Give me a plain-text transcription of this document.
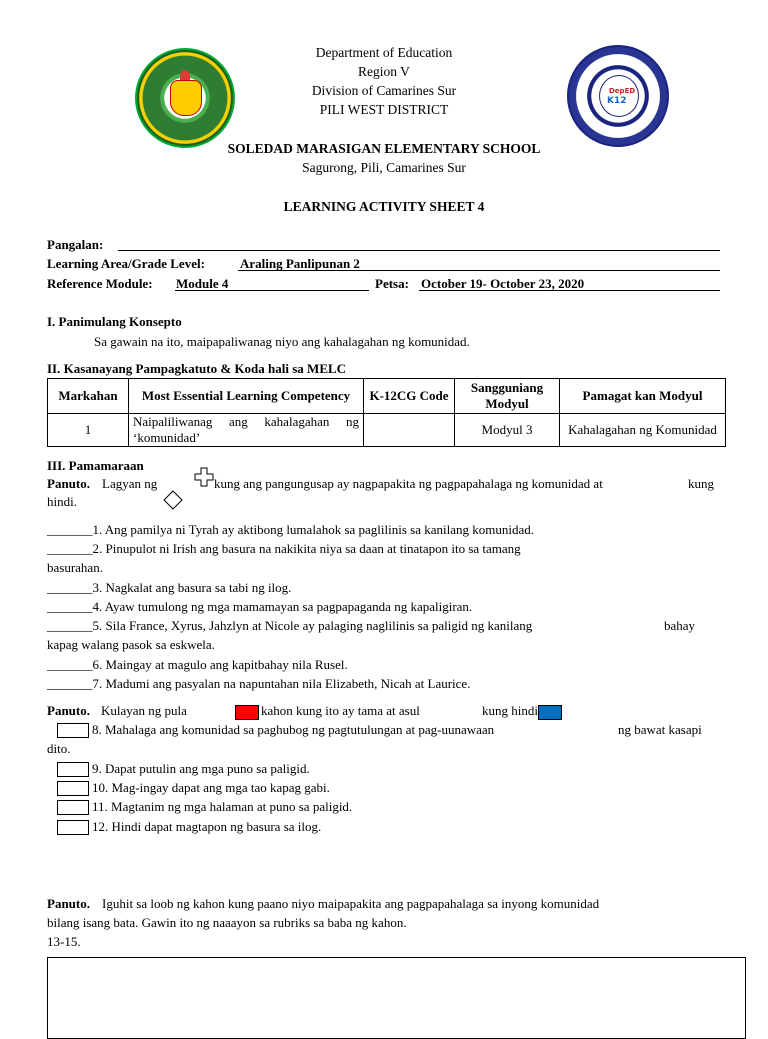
DepED
K12
Department of Education
Region V
Division of Camarines Sur
PILI WEST DISTRICT
SOLEDAD MARASIGAN ELEMENTARY SCHOOL
Sagurong, Pili, Camarines Sur
LEARNING ACTIVITY SHEET 4
Pangalan:
Learning Area/Grade Level:	Araling Panlipunan 2
Reference Module: Module 4	Petsa: October 19- October 23, 2020
I. Panimulang Konsepto
Sa gawain na ito, maipapaliwanag niyo ang kahalagahan ng komunidad.
II. Kasanayang Pampagkatuto & Koda hali sa MELC
Markahan	Most Essential Learning Competency	K-12CG Code	Sangguniang Modyul	Pamagat kan Modyul
1	Naipaliliwanag ang kahalagahan ng ‘komunidad’		Modyul 3	Kahalagahan ng Komunidad
III. Pamamaraan
Panuto. Lagyan ng	kung ang pangungusap ay nagpapakita ng pagpapahalaga ng komunidad at	kung
hindi.
_______1. Ang pamilya ni Tyrah ay aktibong lumalahok sa paglilinis sa kanilang komunidad.
_______2. Pinupulot ni Irish ang basura na nakikita niya sa daan at tinatapon ito sa tamang
basurahan.
_______3. Nagkalat ang basura sa tabi ng ilog.
_______4. Ayaw tumulong ng mga mamamayan sa pagpapaganda ng kapaligiran.
_______5. Sila France, Xyrus, Jahzlyn at Nicole ay palaging naglilinis sa paligid ng kanilang	bahay
kapag walang pasok sa eskwela.
_______6. Maingay at magulo ang kapitbahay nila Rusel.
_______7. Madumi ang pasyalan na napuntahan nila Elizabeth, Nicah at Laurice.
Panuto. Kulayan ng pula	kahon kung ito ay tama at asul	kung hindi
8. Mahalaga ang komunidad sa paghubog ng pagtutulungan at pag-uunawaan	ng bawat kasapi
dito.
9. Dapat putulin ang mga puno sa paligid.
10. Mag-ingay dapat ang mga tao kapag gabi.
11. Magtanim ng mga halaman at puno sa paligid.
12. Hindi dapat magtapon ng basura sa ilog.
Panuto. Iguhit sa loob ng kahon kung paano niyo maipapakita ang pagpapahalaga sa inyong komunidad
bilang isang bata. Gawin ito ng naaayon sa rubriks sa baba ng kahon.
13-15.
